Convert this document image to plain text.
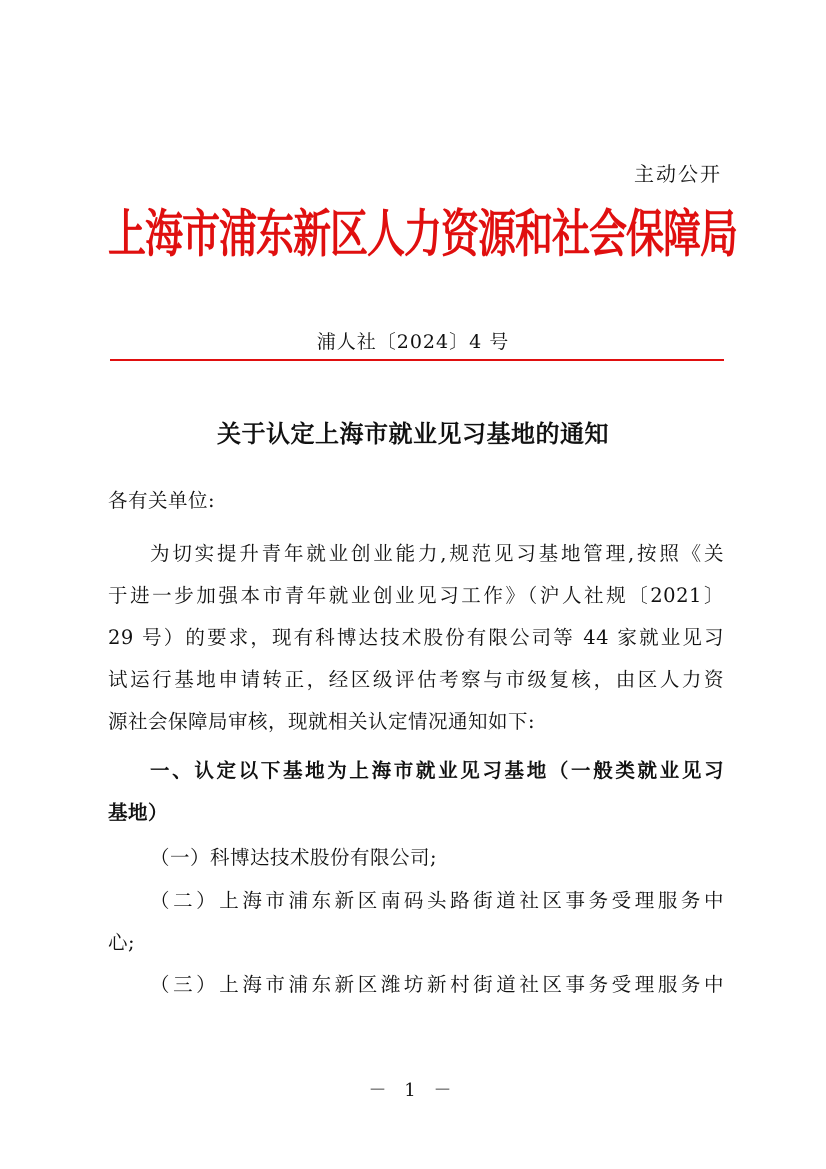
主动公开
上海市浦东新区人力资源和社会保障局
浦人社〔2024〕4 号
关于认定上海市就业见习基地的通知
各有关单位:
为切实提升青年就业创业能力,规范见习基地管理,按照《关
于进一步加强本市青年就业创业见习工作》（沪人社规〔2021〕
29 号）的要求，现有科博达技术股份有限公司等 44 家就业见习
试运行基地申请转正，经区级评估考察与市级复核，由区人力资
源社会保障局审核，现就相关认定情况通知如下:
一、认定以下基地为上海市就业见习基地（一般类就业见习
基地）
（一）科博达技术股份有限公司;
（二）上海市浦东新区南码头路街道社区事务受理服务中
心;
（三）上海市浦东新区潍坊新村街道社区事务受理服务中
－ 1 －
